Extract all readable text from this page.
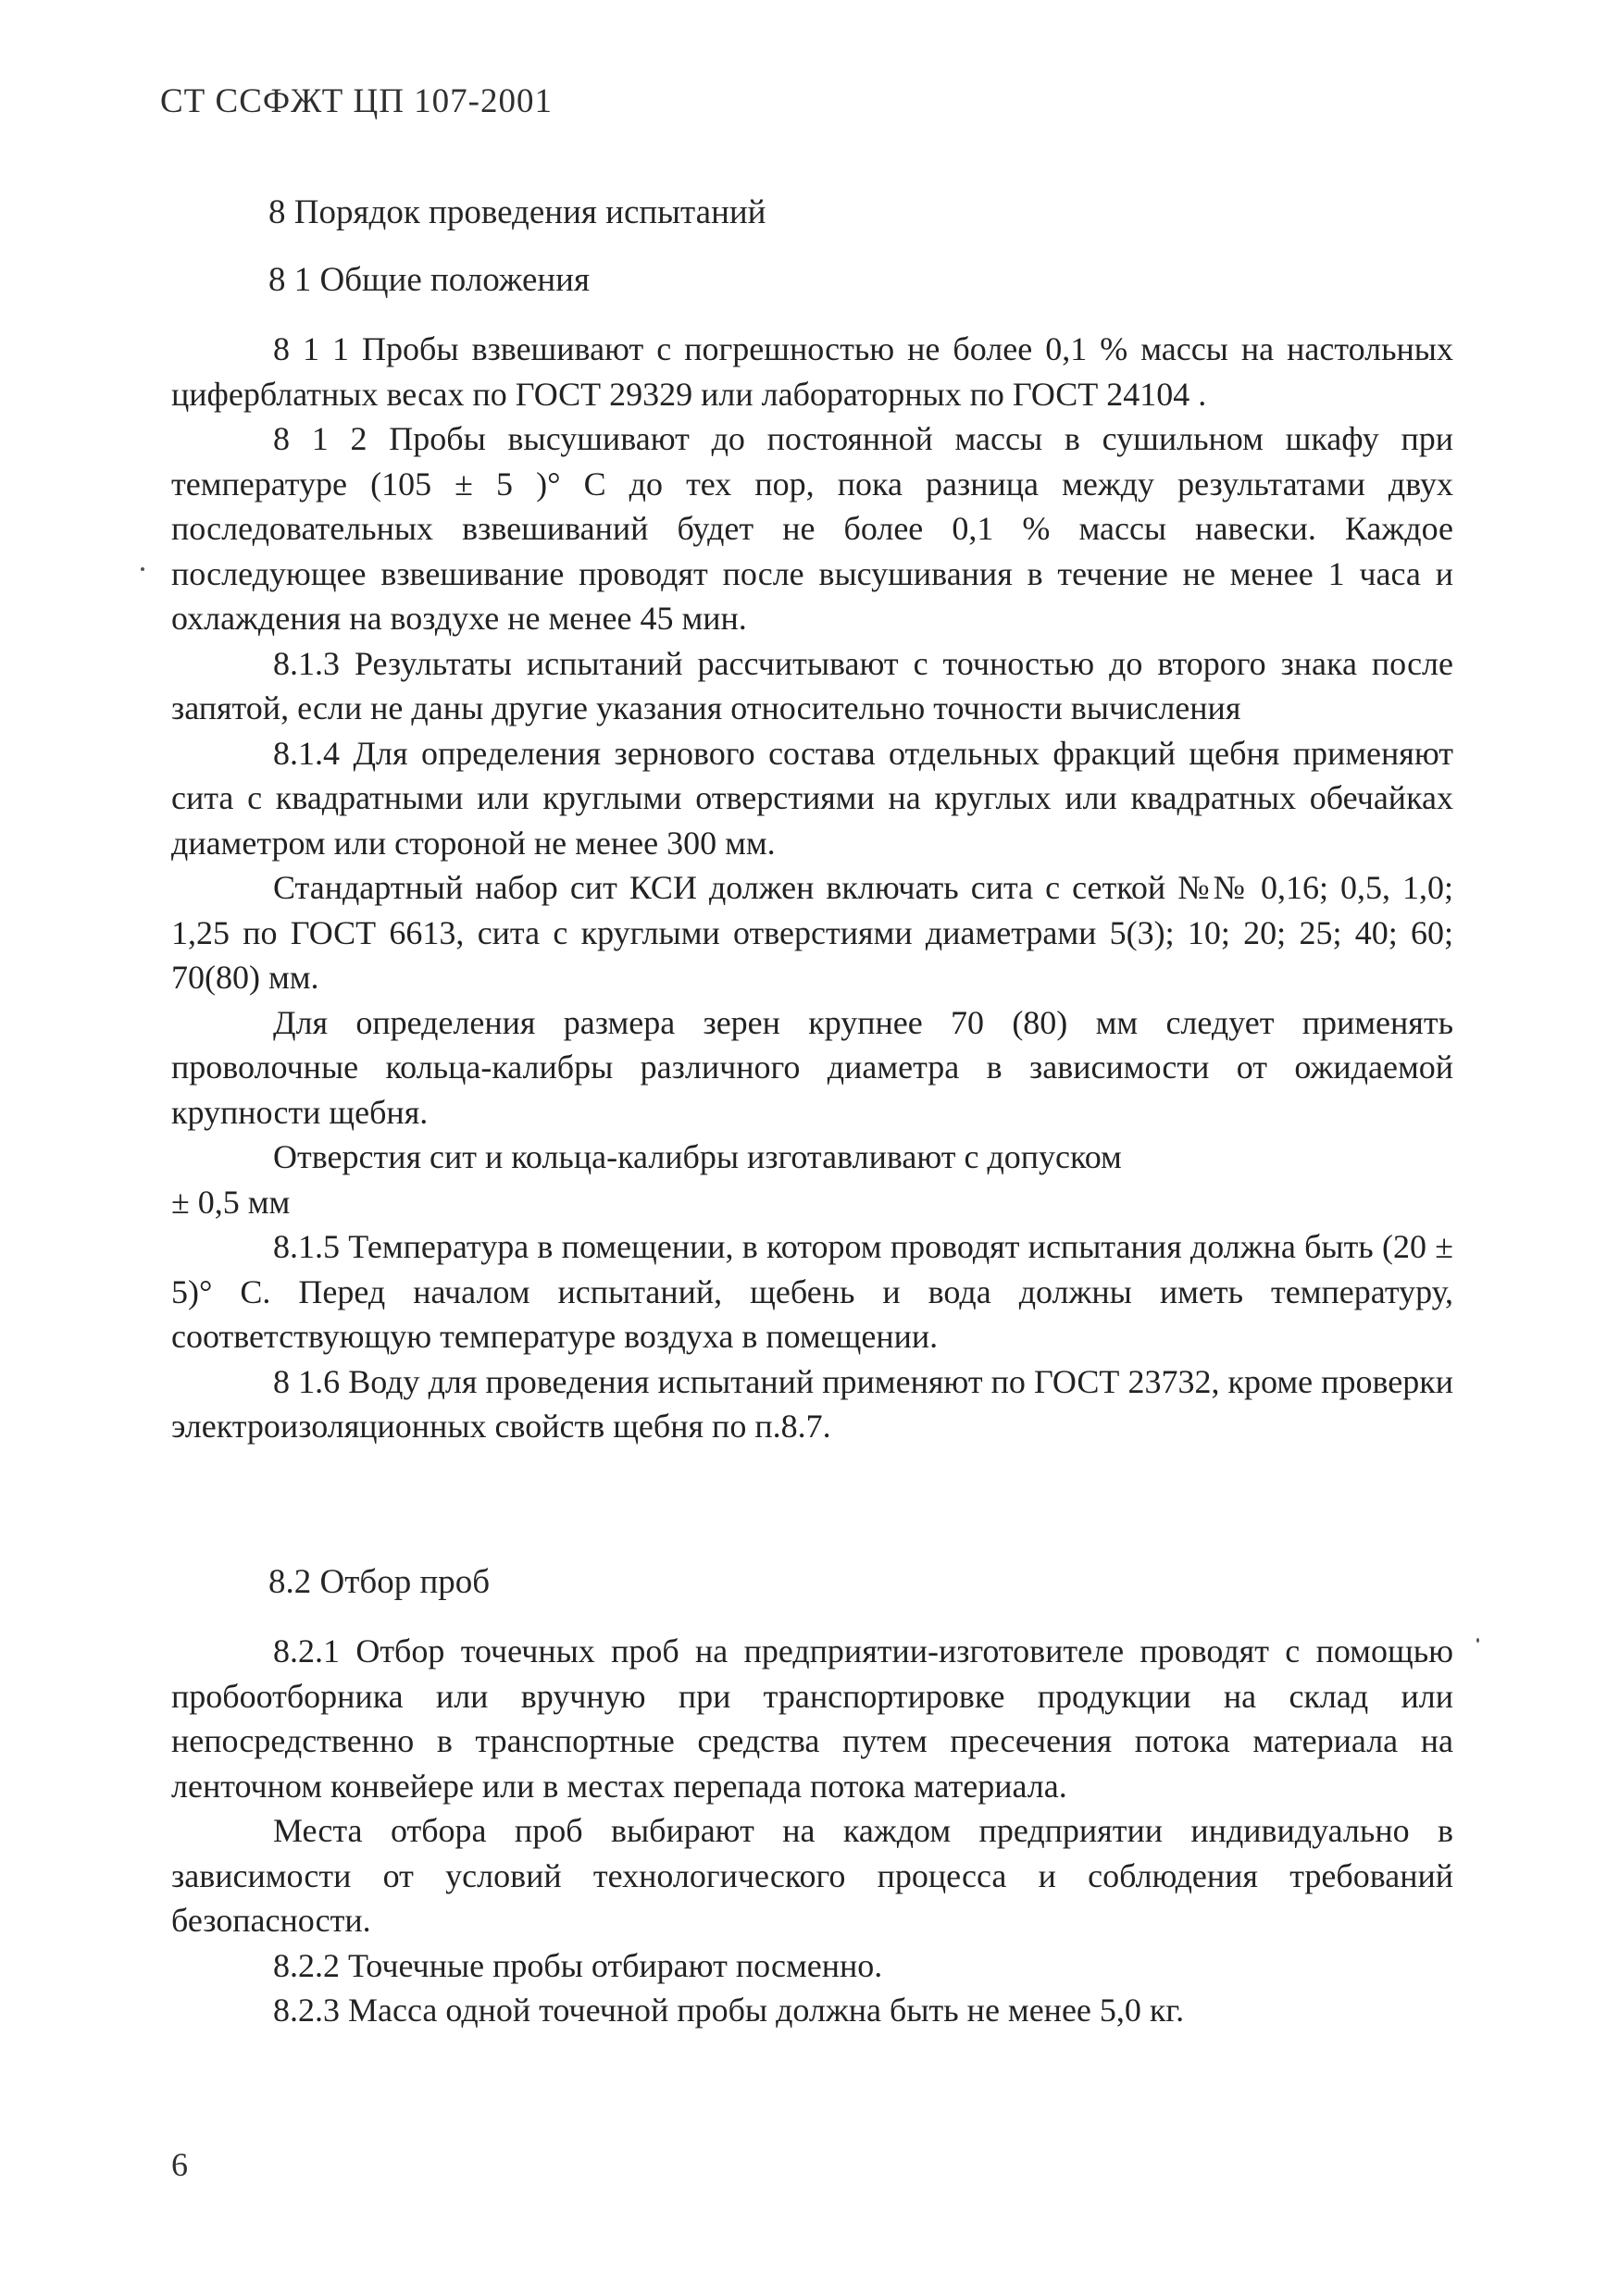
СТ ССФЖТ ЦП 107-2001
8 Порядок проведения испытаний
8 1 Общие положения

8 1 1 Пробы взвешивают с погрешностью не более 0,1 % массы на настольных циферблатных весах по ГОСТ 29329 или лабораторных по ГОСТ 24104 .

8 1 2 Пробы высушивают до постоянной массы в сушильном шкафу при температуре (105 ± 5 )° С до тех пор, пока разница между результатами двух последовательных взвешиваний будет не более 0,1 % массы навески. Каждое последующее взвешивание проводят после высушивания в течение не менее 1 часа и охлаждения на воздухе не менее 45 мин.

8.1.3 Результаты испытаний рассчитывают с точностью до второго знака после запятой, если не даны другие указания относительно точности вычисления

8.1.4 Для определения зернового состава отдельных фракций щебня применяют сита с квадратными или круглыми отверстиями на круглых или квадратных обечайках диаметром или стороной не менее 300 мм.

Стандартный набор сит КСИ должен включать сита с сеткой №№ 0,16; 0,5, 1,0; 1,25 по ГОСТ 6613, сита с круглыми отверстиями диаметрами 5(3); 10; 20; 25; 40; 60; 70(80) мм.

Для определения размера зерен крупнее 70 (80) мм следует применять проволочные кольца-калибры различного диаметра в зависимости от ожидаемой крупности щебня.

Отверстия сит и кольца-калибры изготавливают с допуском

± 0,5 мм

8.1.5 Температура в помещении, в котором проводят испытания должна быть (20 ± 5)° С. Перед началом испытаний, щебень и вода должны иметь температуру, соответствующую температуре воздуха в помещении.

8 1.6 Воду для проведения испытаний применяют по ГОСТ 23732, кроме проверки электроизоляционных свойств щебня по п.8.7.

8.2 Отбор проб

8.2.1 Отбор точечных проб на предприятии-изготовителе проводят с помощью пробоотборника или вручную при транспортировке продукции на склад или непосредственно в транспортные средства путем пресечения потока материала на ленточном конвейере или в местах перепада потока материала.

Места отбора проб выбирают на каждом предприятии индивидуально в зависимости от условий технологического процесса и соблюдения требований безопасности.

8.2.2 Точечные пробы отбирают посменно.

8.2.3 Масса одной точечной пробы должна быть не менее 5,0 кг.

6
